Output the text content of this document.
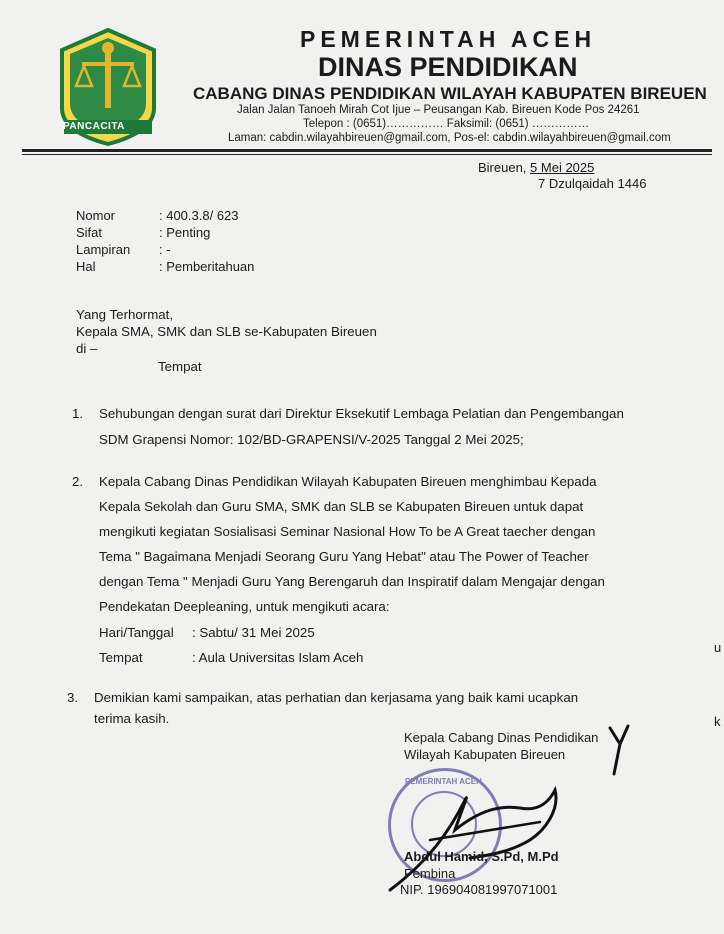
PANCACITA
PEMERINTAH ACEH
DINAS PENDIDIKAN
CABANG DINAS PENDIDIKAN WILAYAH KABUPATEN BIREUEN
Jalan Jalan Tanoeh Mirah Cot Ijue – Peusangan Kab. Bireuen Kode Pos 24261
Telepon : (0651)…………… Faksimil: (0651) ……………
Laman: cabdin.wilayahbireuen@gmail.com, Pos-el: cabdin.wilayahbireuen@gmail.com
Bireuen, 5 Mei 2025
7 Dzulqaidah 1446
Nomor	: 400.3.8/ 623
Sifat	: Penting
Lampiran : -
Hal	: Pemberitahuan
Yang Terhormat,
Kepala SMA, SMK dan SLB se-Kabupaten Bireuen
di –
Tempat
1. Sehubungan dengan surat dari Direktur Eksekutif Lembaga Pelatian dan Pengembangan
SDM Grapensi Nomor: 102/BD-GRAPENSI/V-2025 Tanggal 2 Mei 2025;
2. Kepala Cabang Dinas Pendidikan Wilayah Kabupaten Bireuen menghimbau Kepada
Kepala Sekolah dan Guru SMA, SMK dan SLB se Kabupaten Bireuen untuk dapat
mengikuti kegiatan Sosialisasi Seminar Nasional How To be A Great taecher dengan
Tema " Bagaimana Menjadi Seorang Guru Yang Hebat" atau The Power of Teacher
dengan Tema " Menjadi Guru Yang Berengaruh dan Inspiratif dalam Mengajar dengan
Pendekatan Deepleaning, untuk mengikuti acara:
Hari/Tanggal : Sabtu/ 31 Mei 2025
Tempat	: Aula Universitas Islam Aceh
3. Demikian kami sampaikan, atas perhatian dan kerjasama yang baik kami ucapkan
terima kasih.
PEMERINTAH ACEH
Kepala Cabang Dinas Pendidikan
Wilayah Kabupaten Bireuen
Abdul Hamid, S.Pd, M.Pd
Pembina
NIP. 196904081997071001
u
k
